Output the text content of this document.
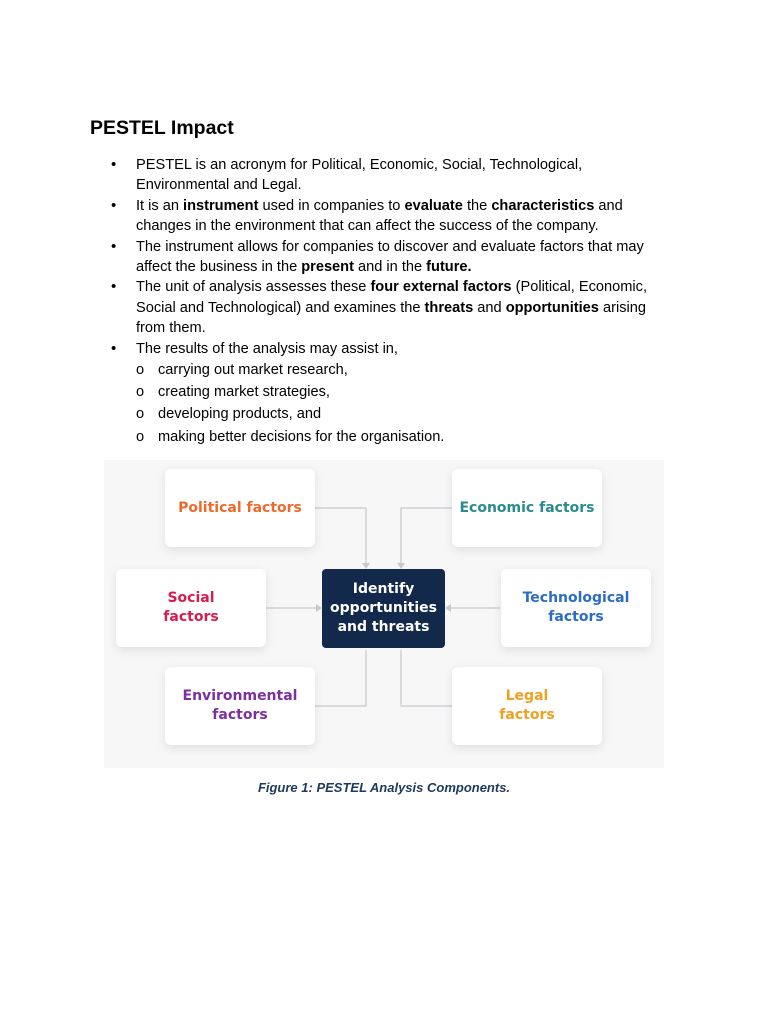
PESTEL Impact
• PESTEL is an acronym for Political, Economic, Social, Technological, Environmental and Legal.
• It is an instrument used in companies to evaluate the characteristics and changes in the environment that can affect the success of the company.
• The instrument allows for companies to discover and evaluate factors that may affect the business in the present and in the future.
• The unit of analysis assesses these four external factors (Political, Economic, Social and Technological) and examines the threats and opportunities arising from them.
• The results of the analysis may assist in,
o carrying out market research,
o creating market strategies,
o developing products, and
o making better decisions for the organisation.
Political factors	Economic factors
Social
factors
Technological
factors
Environmental
factors
Legal
factors
Identify
opportunities
and threats
Figure 1: PESTEL Analysis Components.
